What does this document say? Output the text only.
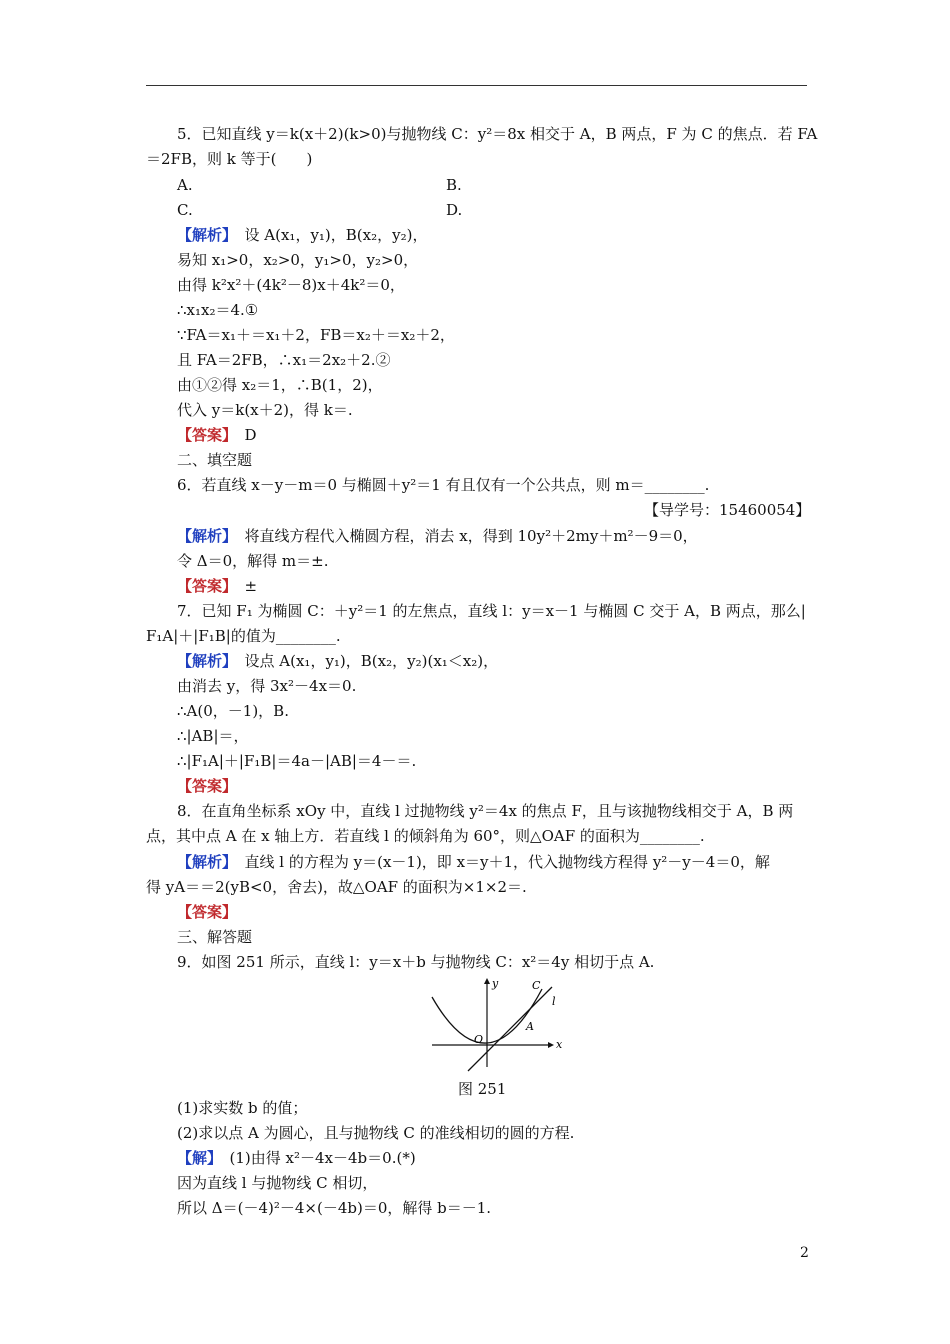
5．已知直线 y＝k(x＋2)(k>0)与抛物线 C：y²＝8x 相交于 A，B 两点，F 为 C 的焦点．若 FA
＝2FB，则 k 等于(　　)
A.	B.
C.	D.
【解析】　设 A(x₁，y₁)，B(x₂，y₂)，
易知 x₁>0，x₂>0，y₁>0，y₂>0，
由得 k²x²＋(4k²－8)x＋4k²＝0，
∴x₁x₂＝4.①
∵FA＝x₁＋＝x₁＋2，FB＝x₂＋＝x₂＋2，
且 FA＝2FB，∴x₁＝2x₂＋2.②
由①②得 x₂＝1，∴B(1，2)，
代入 y＝k(x＋2)，得 k＝.
【答案】　D
二、填空题
6．若直线 x－y－m＝0 与椭圆＋y²＝1 有且仅有一个公共点，则 m＝________.
【解析】　将直线方程代入椭圆方程，消去 x，得到 10y²＋2my＋m²－9＝0，
令 Δ＝0，解得 m＝±.
【答案】　±
7．已知 F₁ 为椭圆 C：＋y²＝1 的左焦点，直线 l：y＝x－1 与椭圆 C 交于 A，B 两点，那么|
F₁A|＋|F₁B|的值为________.
【解析】　设点 A(x₁，y₁)，B(x₂，y₂)(x₁＜x₂)，
由消去 y，得 3x²－4x＝0.
∴A(0，－1)，B.
∴|AB|＝，
∴|F₁A|＋|F₁B|＝4a－|AB|＝4－＝.
【答案】
8．在直角坐标系 xOy 中，直线 l 过抛物线 y²＝4x 的焦点 F，且与该抛物线相交于 A，B 两
点，其中点 A 在 x 轴上方．若直线 l 的倾斜角为 60°，则△OAF 的面积为________.
【解析】　直线 l 的方程为 y＝(x－1)，即 x＝y＋1，代入抛物线方程得 y²－y－4＝0，解
得 yA＝＝2(yB<0，舍去)，故△OAF 的面积为×1×2＝.
【答案】
三、解答题
9．如图 251 所示，直线 l：y＝x＋b 与抛物线 C：x²＝4y 相切于点 A.
(1)求实数 b 的值；
(2)求以点 A 为圆心，且与抛物线 C 的准线相切的圆的方程.
【解】　(1)由得 x²－4x－4b＝0.(*)
因为直线 l 与抛物线 C 相切，
所以 Δ＝(－4)²－4×(－4b)＝0，解得 b＝－1.
【导学号：15460054】
y
x
O
C
l
A
图 251
2
